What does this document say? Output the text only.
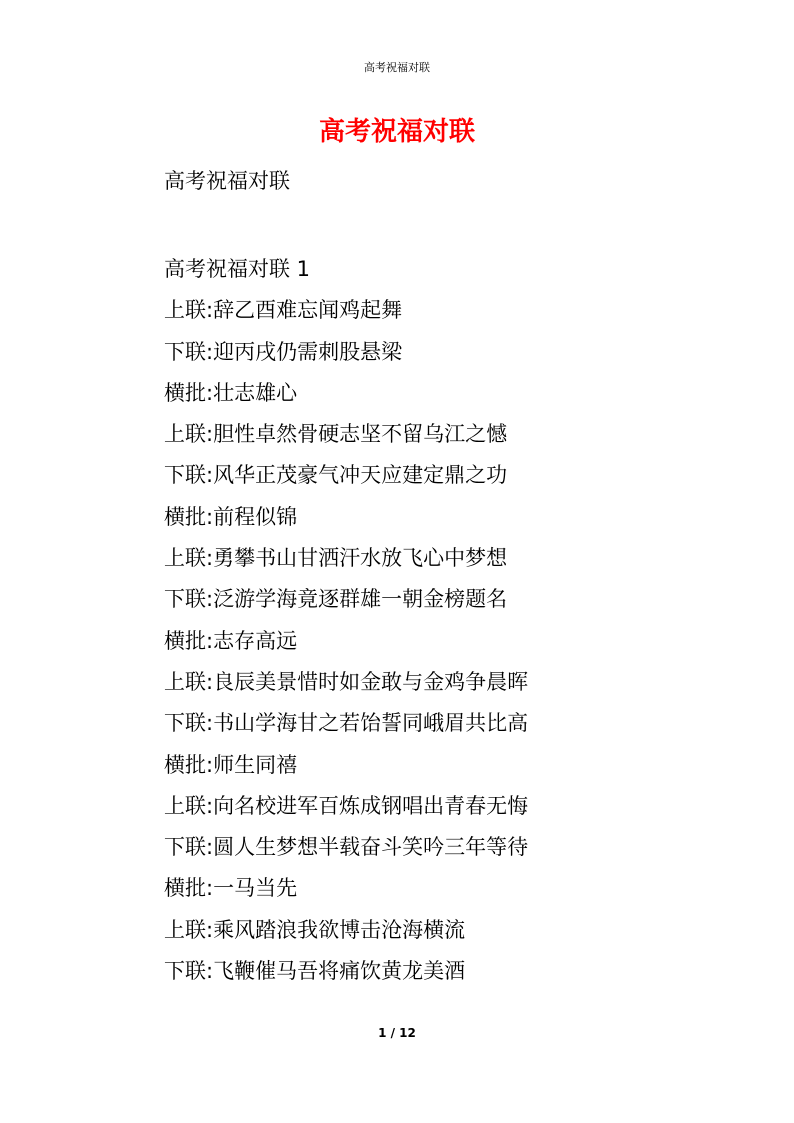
高考祝福对联
高考祝福对联
高考祝福对联
高考祝福对联 1
上联:辞乙酉难忘闻鸡起舞
下联:迎丙戌仍需刺股悬梁
横批:壮志雄心
上联:胆性卓然骨硬志坚不留乌江之憾
下联:风华正茂豪气冲天应建定鼎之功
横批:前程似锦
上联:勇攀书山甘洒汗水放飞心中梦想
下联:泛游学海竟逐群雄一朝金榜题名
横批:志存高远
上联:良辰美景惜时如金敢与金鸡争晨晖
下联:书山学海甘之若饴誓同峨眉共比高
横批:师生同禧
上联:向名校进军百炼成钢唱出青春无悔
下联:圆人生梦想半载奋斗笑吟三年等待
横批:一马当先
上联:乘风踏浪我欲博击沧海横流
下联:飞鞭催马吾将痛饮黄龙美酒
1 / 12
